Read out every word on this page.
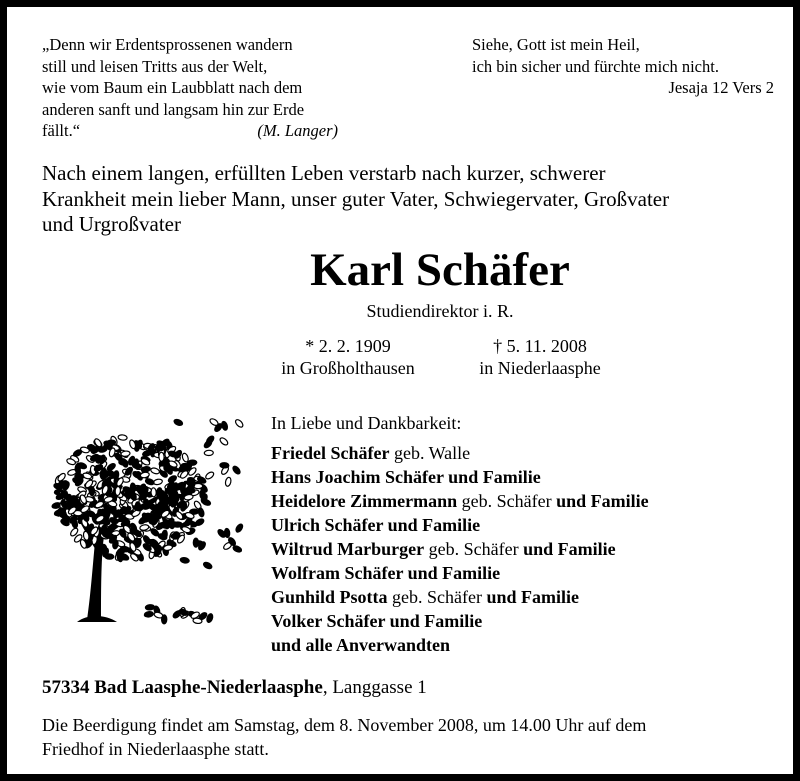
„Denn wir Erdentsprossenen wandern
still und leisen Tritts aus der Welt,
wie vom Baum ein Laubblatt nach dem
anderen sanft und langsam hin zur Erde
fällt.“	(M. Langer)
Siehe, Gott ist mein Heil,
ich bin sicher und fürchte mich nicht.
Jesaja 12 Vers 2
Nach einem langen, erfüllten Leben verstarb nach kurzer, schwerer
Krankheit mein lieber Mann, unser guter Vater, Schwiegervater, Großvater
und Urgroßvater
Karl Schäfer
Studiendirektor i. R.
* 2. 2. 1909
in Großholthausen
† 5. 11. 2008
in Niederlaasphe
In Liebe und Dankbarkeit:
Friedel Schäfer geb. Walle
Hans Joachim Schäfer und Familie
Heidelore Zimmermann geb. Schäfer und Familie
Ulrich Schäfer und Familie
Wiltrud Marburger geb. Schäfer und Familie
Wolfram Schäfer und Familie
Gunhild Psotta geb. Schäfer und Familie
Volker Schäfer und Familie
und alle Anverwandten
57334 Bad Laasphe-Niederlaasphe, Langgasse 1
Die Beerdigung findet am Samstag, dem 8. November 2008, um 14.00 Uhr auf dem
Friedhof in Niederlaasphe statt.
